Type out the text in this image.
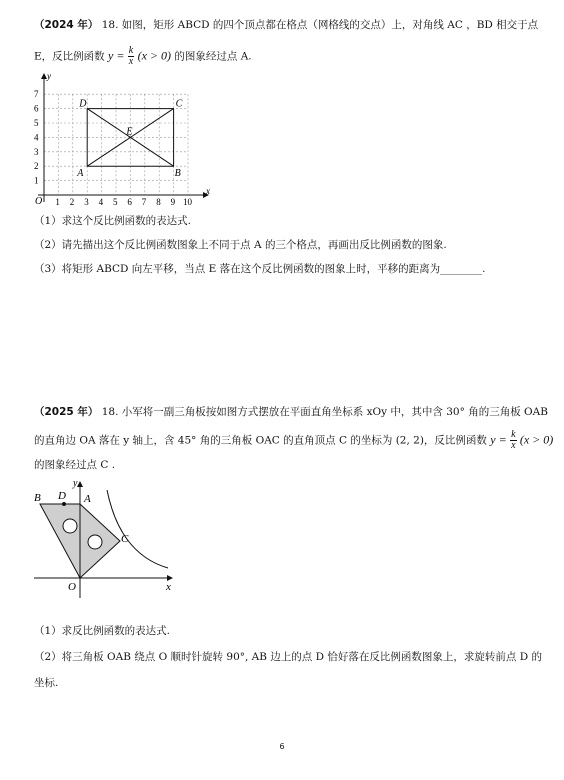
（2024 年） 18. 如图，矩形 ABCD 的四个顶点都在格点（网格线的交点）上，对角线 AC ，BD 相交于点
E，反比例函数 $y = \frac{k}{x} (x > 0)$ 的图象经过点 A.
1 2 3 4 5 6 7 8 9 10
1
2
3
4
5
6
7
x
y
O
A	B
C
D
E
（1）求这个反比例函数的表达式.
（2）请先描出这个反比例函数图象上不同于点 A 的三个格点，再画出反比例函数的图象.
（3）将矩形 ABCD 向左平移，当点 E 落在这个反比例函数的图象上时，平移的距离为________.
（2025 年） 18. 小军将一副三角板按如图方式摆放在平面直角坐标系 xOy 中，其中含 30° 角的三角板 OAB
的直角边 OA 落在 y 轴上，含 45° 角的三角板 OAC 的直角顶点 C 的坐标为 (2, 2)，反比例函数 $y = \frac{k}{x} (x > 0)$
的图象经过点 C .
B D
y
A
C
O	x
（1）求反比例函数的表达式.
（2）将三角板 OAB 绕点 O 顺时针旋转 90°, AB 边上的点 D 恰好落在反比例函数图象上，求旋转前点 D 的
坐标.
6
